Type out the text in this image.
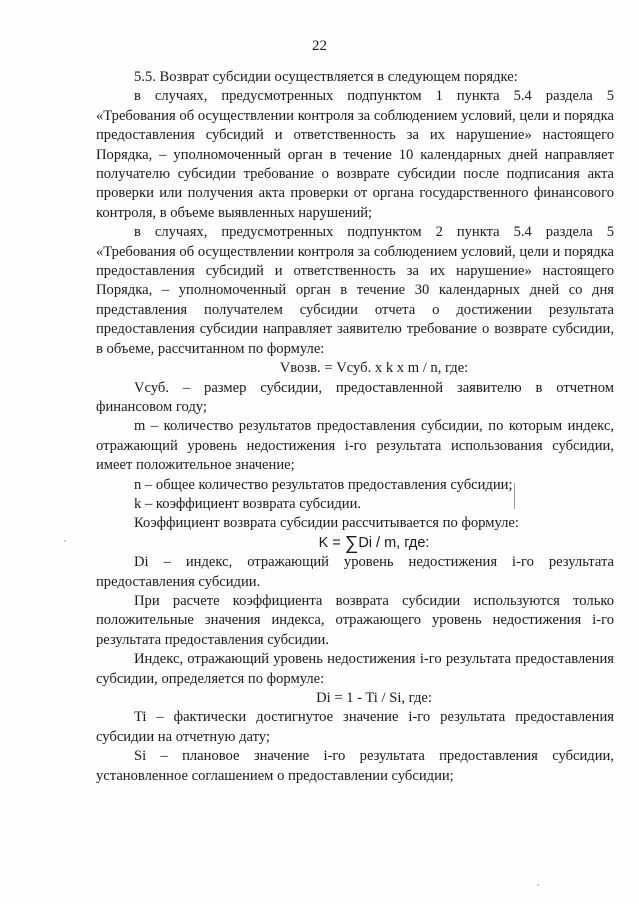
22

5.5. Возврат субсидии осуществляется в следующем порядке:

в случаях, предусмотренных подпунктом 1 пункта 5.4 раздела 5 «Требования об осуществлении контроля за соблюдением условий, цели и порядка предоставления субсидий и ответственность за их нарушение» настоящего Порядка, – уполномоченный орган в течение 10 календарных дней направляет получателю субсидии требование о возврате субсидии после подписания акта проверки или получения акта проверки от органа государственного финансового контроля, в объеме выявленных нарушений;

в случаях, предусмотренных подпунктом 2 пункта 5.4 раздела 5 «Требования об осуществлении контроля за соблюдением условий, цели и порядка предоставления субсидий и ответственность за их нарушение» настоящего Порядка, – уполномоченный орган в течение 30 календарных дней со дня представления получателем субсидии отчета о достижении результата предоставления субсидии направляет заявителю требование о возврате субсидии, в объеме, рассчитанном по формуле:

Vвозв. = Vсуб. x k x m / n, где:

Vсуб. – размер субсидии, предоставленной заявителю в отчетном финансовом году;

m – количество результатов предоставления субсидии, по которым индекс, отражающий уровень недостижения i-го результата использования субсидии, имеет положительное значение;

n – общее количество результатов предоставления субсидии;

k – коэффициент возврата субсидии.

Коэффициент возврата субсидии рассчитывается по формуле:

K = ∑Di / m, где:

Di – индекс, отражающий уровень недостижения i-го результата предоставления субсидии.

При расчете коэффициента возврата субсидии используются только положительные значения индекса, отражающего уровень недостижения i-го результата предоставления субсидии.

Индекс, отражающий уровень недостижения i-го результата предоставления субсидии, определяется по формуле:

Di = 1 - Ti / Si, где:

Ti – фактически достигнутое значение i-го результата предоставления субсидии на отчетную дату;

Si – плановое значение i-го результата предоставления субсидии, установленное соглашением о предоставлении субсидии;
